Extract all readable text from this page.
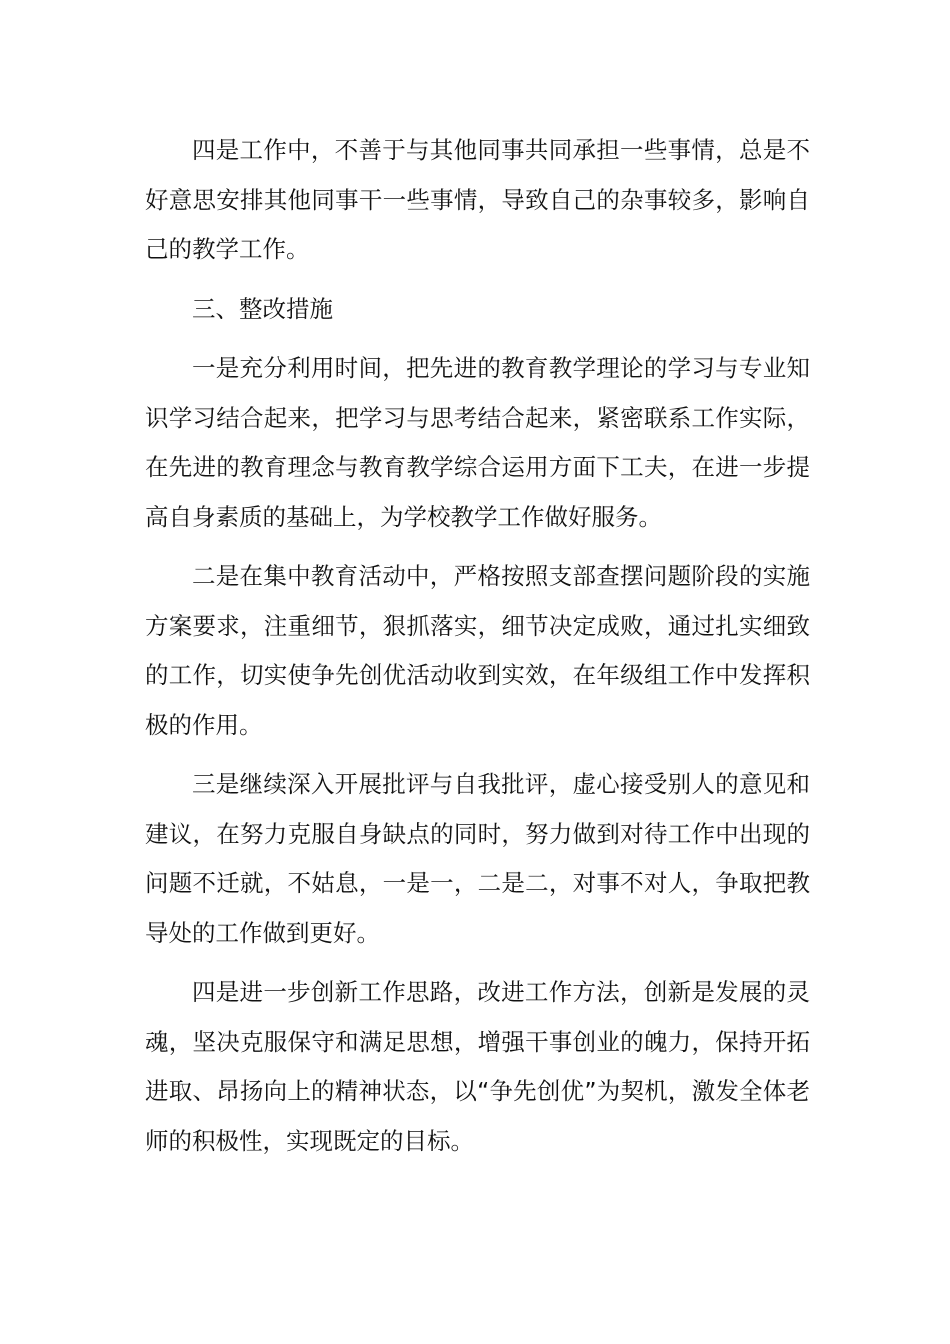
四是工作中，不善于与其他同事共同承担一些事情，总是不好意思安排其他同事干一些事情，导致自己的杂事较多，影响自己的教学工作。

三、整改措施

一是充分利用时间，把先进的教育教学理论的学习与专业知识学习结合起来，把学习与思考结合起来，紧密联系工作实际，在先进的教育理念与教育教学综合运用方面下工夫，在进一步提高自身素质的基础上，为学校教学工作做好服务。

二是在集中教育活动中，严格按照支部查摆问题阶段的实施方案要求，注重细节，狠抓落实，细节决定成败，通过扎实细致的工作，切实使争先创优活动收到实效，在年级组工作中发挥积极的作用。

三是继续深入开展批评与自我批评，虚心接受别人的意见和建议，在努力克服自身缺点的同时，努力做到对待工作中出现的问题不迁就，不姑息，一是一，二是二，对事不对人，争取把教导处的工作做到更好。

四是进一步创新工作思路，改进工作方法，创新是发展的灵魂，坚决克服保守和满足思想，增强干事创业的魄力，保持开拓进取、昂扬向上的精神状态，以“争先创优”为契机，激发全体老师的积极性，实现既定的目标。
